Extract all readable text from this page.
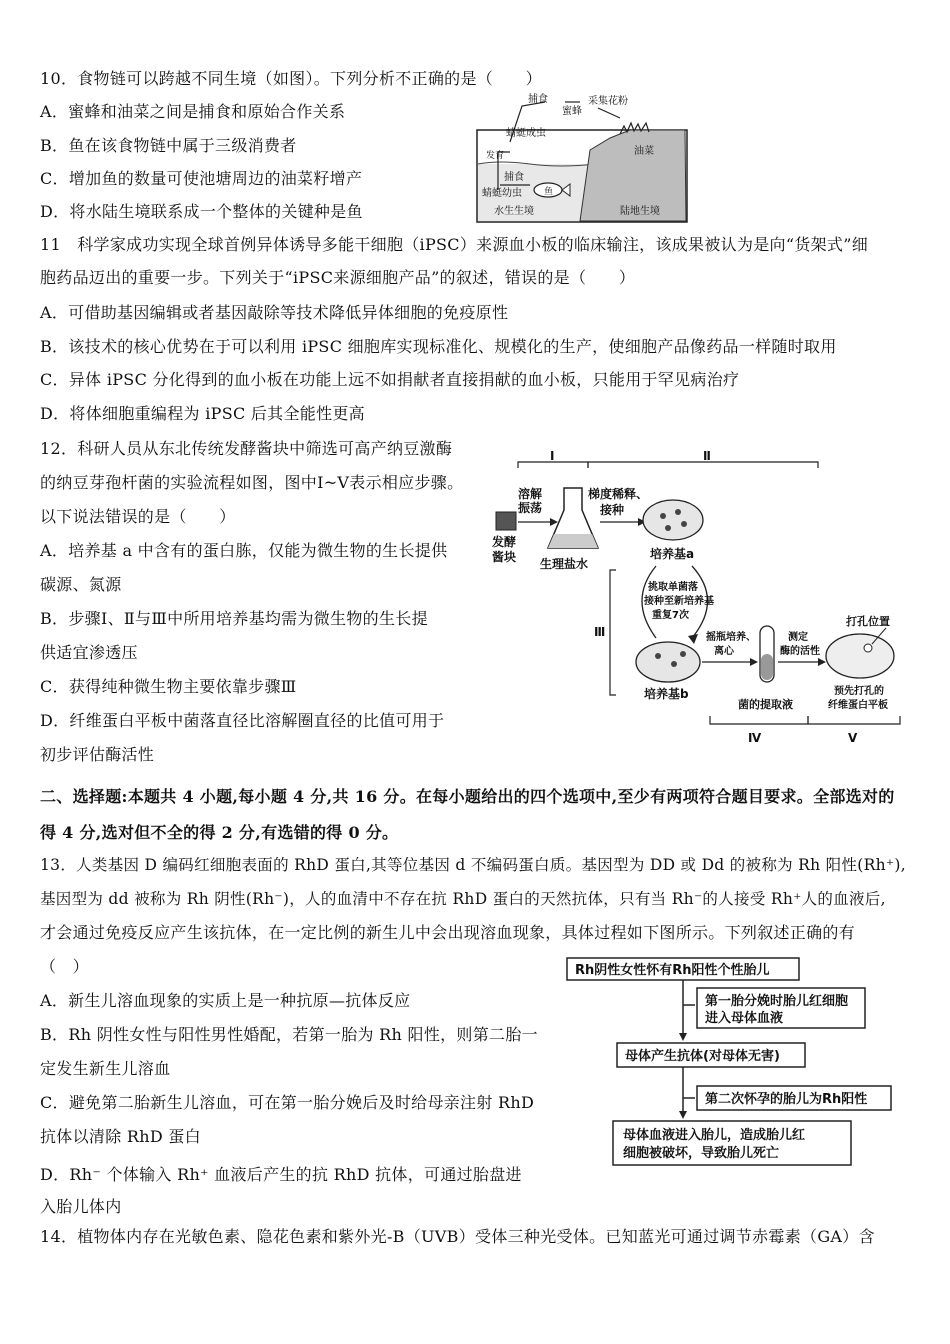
10．食物链可以跨越不同生境（如图）。下列分析不正确的是（　　）
A．蜜蜂和油菜之间是捕食和原始合作关系
B．鱼在该食物链中属于三级消费者
C．增加鱼的数量可使池塘周边的油菜籽增产
D．将水陆生境联系成一个整体的关键种是鱼
捕食
蜜蜂
采集花粉
蜻蜓成虫
发育	油菜
捕食
蜻蜓幼虫 鱼
水生生境	陆地生境
11　科学家成功实现全球首例异体诱导多能干细胞（iPSC）来源血小板的临床输注，该成果被认为是向“货架式”细
胞药品迈出的重要一步。下列关于“iPSC来源细胞产品”的叙述，错误的是（　　）
A．可借助基因编辑或者基因敲除等技术降低异体细胞的免疫原性
B．该技术的核心优势在于可以利用 iPSC 细胞库实现标准化、规模化的生产，使细胞产品像药品一样随时取用
C．异体 iPSC 分化得到的血小板在功能上远不如捐献者直接捐献的血小板，只能用于罕见病治疗
D．将体细胞重编程为 iPSC 后其全能性更高
12．科研人员从东北传统发酵酱块中筛选可高产纳豆激酶
的纳豆芽孢杆菌的实验流程如图，图中Ⅰ~Ⅴ表示相应步骤。
以下说法错误的是（　　）
A．培养基 a 中含有的蛋白胨，仅能为微生物的生长提供
碳源、氮源
B．步骤Ⅰ、Ⅱ与Ⅲ中所用培养基均需为微生物的生长提
供适宜渗透压
C．获得纯种微生物主要依靠步骤Ⅲ
D．纤维蛋白平板中菌落直径比溶解圈直径的比值可用于
初步评估酶活性
Ⅰ	Ⅱ
发酵
酱块
溶解
振荡
生理盐水
梯度稀释、
接种
培养基a
挑取单菌落
接种至新培养基
重复7次
Ⅲ
培养基b
摇瓶培养、
离心
菌的提取液
测定
酶的活性
打孔位置
预先打孔的
纤维蛋白平板
Ⅳ	Ⅴ
二、选择题:本题共 4 小题,每小题 4 分,共 16 分。在每小题给出的四个选项中,至少有两项符合题目要求。全部选对的
得 4 分,选对但不全的得 2 分,有选错的得 0 分。
13．人类基因 D 编码红细胞表面的 RhD 蛋白,其等位基因 d 不编码蛋白质。基因型为 DD 或 Dd 的被称为 Rh 阳性(Rh⁺),
基因型为 dd 被称为 Rh 阴性(Rh⁻)，人的血清中不存在抗 RhD 蛋白的天然抗体，只有当 Rh⁻的人接受 Rh⁺人的血液后,
才会通过免疫反应产生该抗体，在一定比例的新生儿中会出现溶血现象，具体过程如下图所示。下列叙述正确的有
（　）
A．新生儿溶血现象的实质上是一种抗原—抗体反应
B．Rh 阴性女性与阳性男性婚配，若第一胎为 Rh 阳性，则第二胎一
定发生新生儿溶血
C．避免第二胎新生儿溶血，可在第一胎分娩后及时给母亲注射 RhD
抗体以清除 RhD 蛋白
D．Rh⁻ 个体输入 Rh⁺ 血液后产生的抗 RhD 抗体，可通过胎盘进
入胎儿体内
Rh阴性女性怀有Rh阳性个性胎儿
第一胎分娩时胎儿红细胞
进入母体血液
母体产生抗体(对母体无害)
第二次怀孕的胎儿为Rh阳性
母体血液进入胎儿，造成胎儿红
细胞被破坏，导致胎儿死亡
14．植物体内存在光敏色素、隐花色素和紫外光-B（UVB）受体三种光受体。已知蓝光可通过调节赤霉素（GA）含
